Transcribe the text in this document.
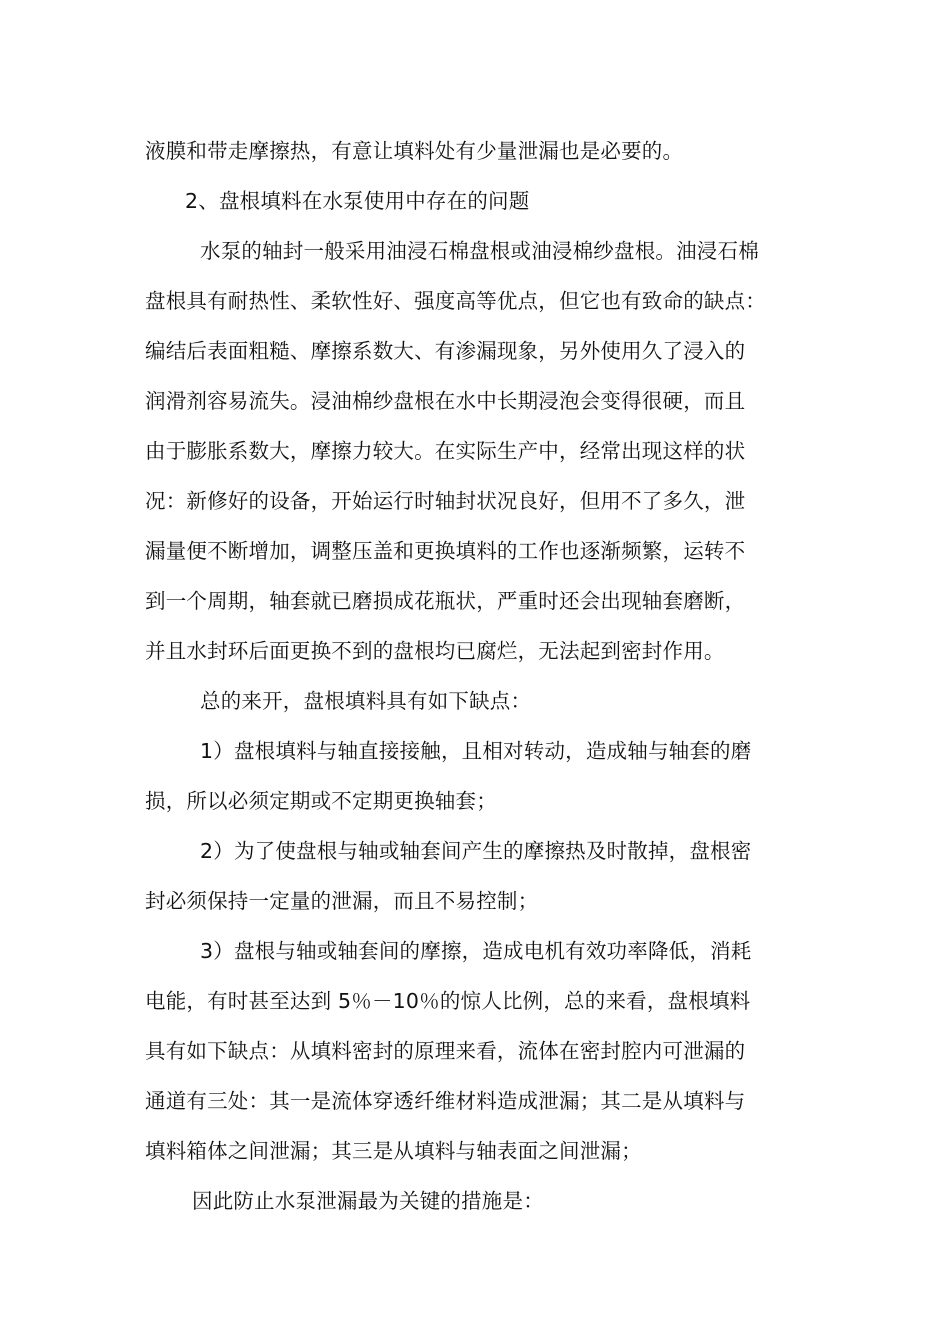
液膜和带走摩擦热，有意让填料处有少量泄漏也是必要的。
2、盘根填料在水泵使用中存在的问题
水泵的轴封一般采用油浸石棉盘根或油浸棉纱盘根。油浸石棉
盘根具有耐热性、柔软性好、强度高等优点，但它也有致命的缺点：
编结后表面粗糙、摩擦系数大、有渗漏现象，另外使用久了浸入的
润滑剂容易流失。浸油棉纱盘根在水中长期浸泡会变得很硬，而且
由于膨胀系数大，摩擦力较大。在实际生产中，经常出现这样的状
况：新修好的设备，开始运行时轴封状况良好，但用不了多久，泄
漏量便不断增加，调整压盖和更换填料的工作也逐渐频繁，运转不
到一个周期，轴套就已磨损成花瓶状，严重时还会出现轴套磨断，
并且水封环后面更换不到的盘根均已腐烂，无法起到密封作用。
总的来开，盘根填料具有如下缺点：
1）盘根填料与轴直接接触，且相对转动，造成轴与轴套的磨
损，所以必须定期或不定期更换轴套；
2）为了使盘根与轴或轴套间产生的摩擦热及时散掉，盘根密
封必须保持一定量的泄漏，而且不易控制；
3）盘根与轴或轴套间的摩擦，造成电机有效功率降低，消耗
电能，有时甚至达到 5％－10％的惊人比例，总的来看，盘根填料
具有如下缺点：从填料密封的原理来看，流体在密封腔内可泄漏的
通道有三处：其一是流体穿透纤维材料造成泄漏；其二是从填料与
填料箱体之间泄漏；其三是从填料与轴表面之间泄漏；
因此防止水泵泄漏最为关键的措施是：
